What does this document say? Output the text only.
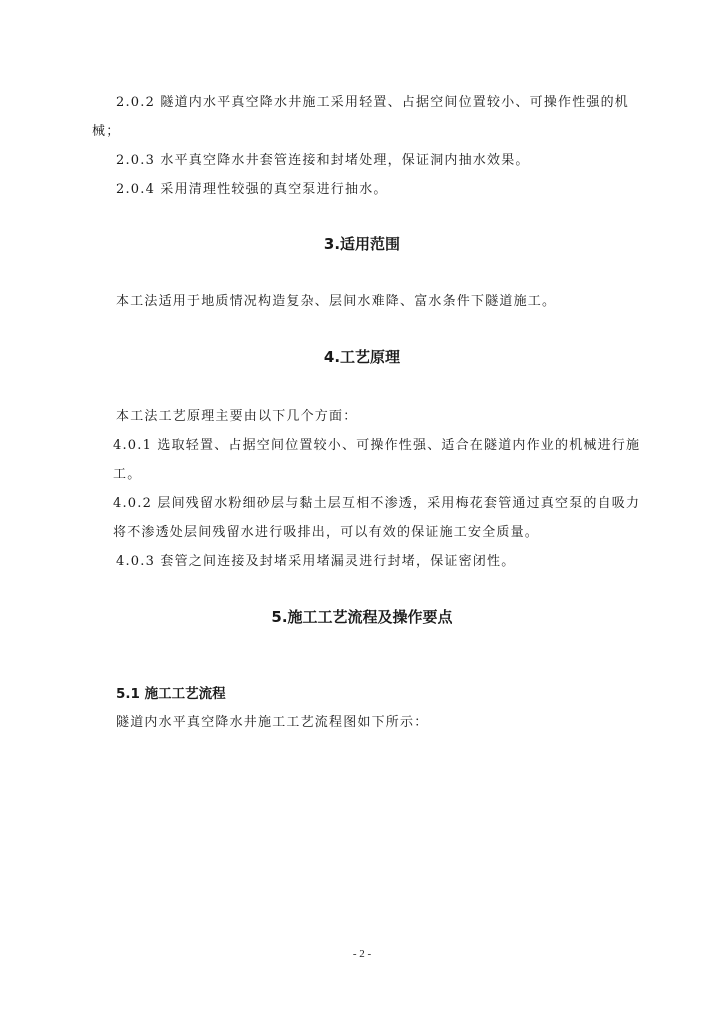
2.0.2 隧道内水平真空降水井施工采用轻置、占据空间位置较小、可操作性强的机械；

2.0.3 水平真空降水井套管连接和封堵处理，保证洞内抽水效果。

2.0.4 采用清理性较强的真空泵进行抽水。

3.适用范围

本工法适用于地质情况构造复杂、层间水难降、富水条件下隧道施工。

4.工艺原理

本工法工艺原理主要由以下几个方面：

4.0.1 选取轻置、占据空间位置较小、可操作性强、适合在隧道内作业的机械进行施工。

4.0.2 层间残留水粉细砂层与黏土层互相不渗透，采用梅花套管通过真空泵的自吸力将不渗透处层间残留水进行吸排出，可以有效的保证施工安全质量。

4.0.3 套管之间连接及封堵采用堵漏灵进行封堵，保证密闭性。

5.施工工艺流程及操作要点
5.1 施工工艺流程

隧道内水平真空降水井施工工艺流程图如下所示：

- 2 -
